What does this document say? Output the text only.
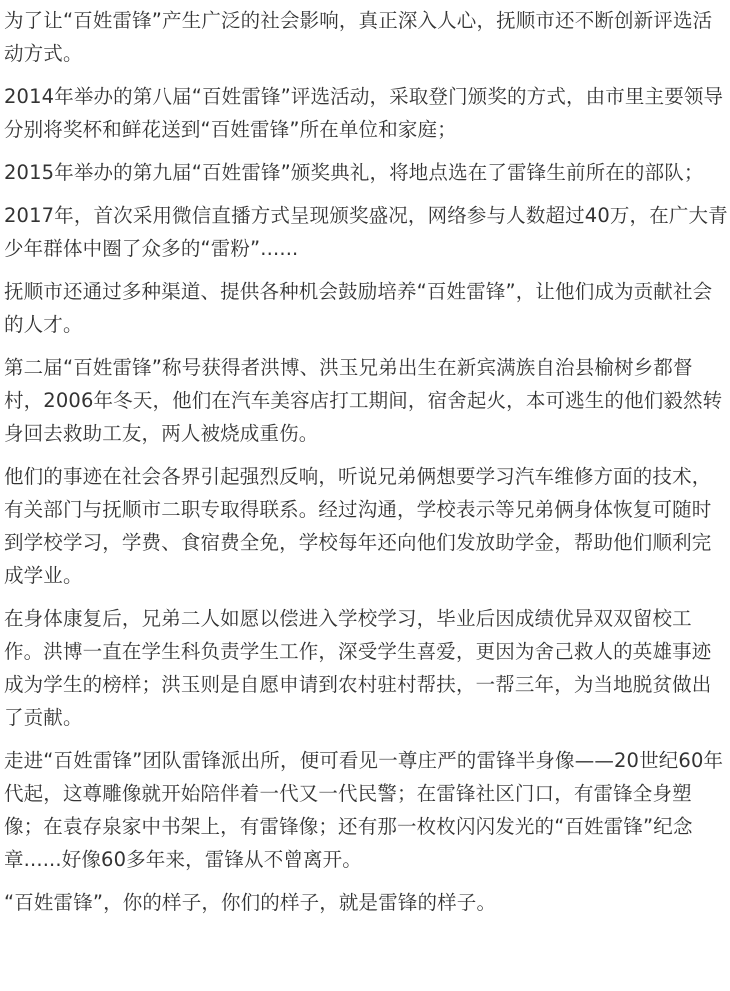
为了让“百姓雷锋”产生广泛的社会影响，真正深入人心，抚顺市还不断创新评选活动方式。

2014年举办的第八届“百姓雷锋”评选活动，采取登门颁奖的方式，由市里主要领导分别将奖杯和鲜花送到“百姓雷锋”所在单位和家庭；

2015年举办的第九届“百姓雷锋”颁奖典礼，将地点选在了雷锋生前所在的部队；

2017年，首次采用微信直播方式呈现颁奖盛况，网络参与人数超过40万，在广大青少年群体中圈了众多的“雷粉”......

抚顺市还通过多种渠道、提供各种机会鼓励培养“百姓雷锋”，让他们成为贡献社会的人才。

第二届“百姓雷锋”称号获得者洪博、洪玉兄弟出生在新宾满族自治县榆树乡都督村，2006年冬天，他们在汽车美容店打工期间，宿舍起火，本可逃生的他们毅然转身回去救助工友，两人被烧成重伤。

他们的事迹在社会各界引起强烈反响，听说兄弟俩想要学习汽车维修方面的技术，有关部门与抚顺市二职专取得联系。经过沟通，学校表示等兄弟俩身体恢复可随时到学校学习，学费、食宿费全免，学校每年还向他们发放助学金，帮助他们顺利完成学业。

在身体康复后，兄弟二人如愿以偿进入学校学习，毕业后因成绩优异双双留校工作。洪博一直在学生科负责学生工作，深受学生喜爱，更因为舍己救人的英雄事迹成为学生的榜样；洪玉则是自愿申请到农村驻村帮扶，一帮三年，为当地脱贫做出了贡献。

走进“百姓雷锋”团队雷锋派出所，便可看见一尊庄严的雷锋半身像——20世纪60年代起，这尊雕像就开始陪伴着一代又一代民警；在雷锋社区门口，有雷锋全身塑像；在袁存泉家中书架上，有雷锋像；还有那一枚枚闪闪发光的“百姓雷锋”纪念章......好像60多年来，雷锋从不曾离开。

“百姓雷锋”，你的样子，你们的样子，就是雷锋的样子。
